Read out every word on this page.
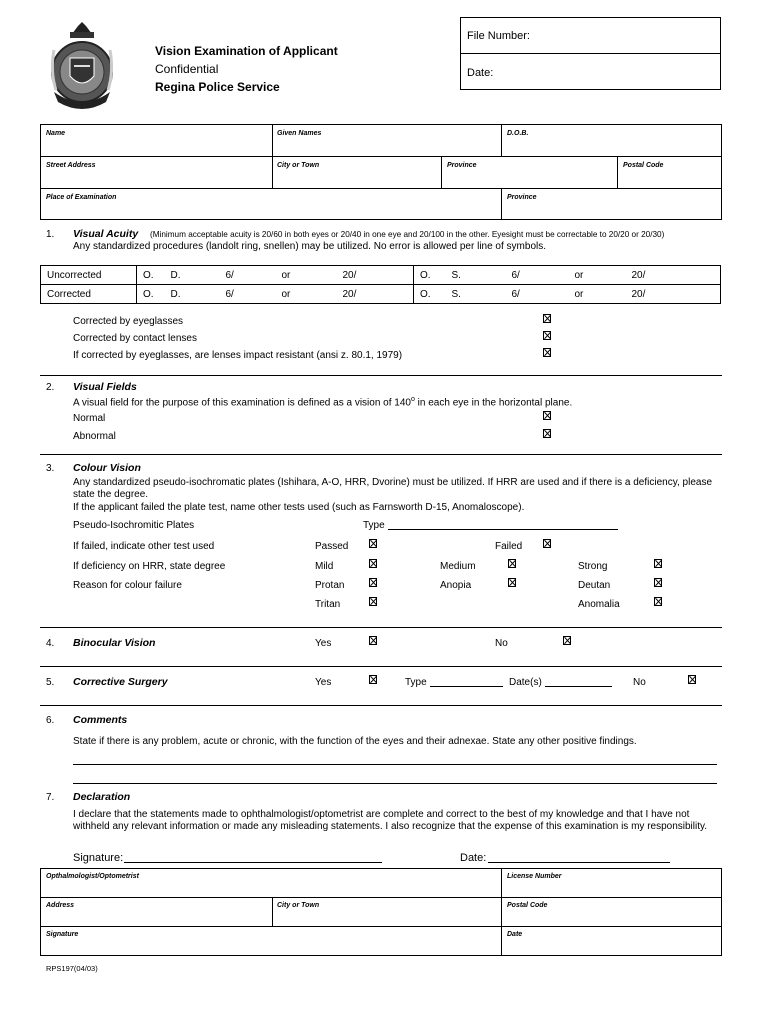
Vision Examination of Applicant
Confidential
Regina Police Service
File Number:
Date:
Name	Given Names	D.O.B.
Street Address	City or Town	Province	Postal Code
Place of Examination	Province
1. Visual Acuity (Minimum acceptable acuity is 20/60 in both eyes or 20/40 in one eye and 20/100 in the other. Eyesight must be correctable to 20/20 or 20/30)
Any standardized procedures (landolt ring, snellen) may be utilized. No error is allowed per line of symbols.
Uncorrected	O.	D.	6/	or	20/	O.	S.	6/	or	20/
Corrected	O.	D.	6/	or	20/	O.	S.	6/	or	20/
Corrected by eyeglasses
Corrected by contact lenses
If corrected by eyeglasses, are lenses impact resistant (ansi z. 80.1, 1979)
2. Visual Fields
A visual field for the purpose of this examination is defined as a vision of 140$^o$ in each eye in the horizontal plane.
Normal
Abnormal
3. Colour Vision
Any standardized pseudo-isochromatic plates (Ishihara, A-O, HRR, Dvorine) must be utilized. If HRR are used and if there is a deficiency, please
state the degree.
If the applicant failed the plate test, name other tests used (such as Farnsworth D-15, Anomaloscope).
Pseudo-Isochromitic Plates	Type
If failed, indicate other test used	Passed	Failed
If deficiency on HRR, state degree	Mild	Medium	Strong
Reason for colour failure	Protan	Anopia	Deutan
Tritan	Anomalia
4. Binocular Vision	Yes	No
5. Corrective Surgery	Yes	Type	Date(s)	No
6. Comments
State if there is any problem, acute or chronic, with the function of the eyes and their adnexae. State any other positive findings.
7. Declaration
I declare that the statements made to ophthalmologist/optometrist are complete and correct to the best of my knowledge and that I have not
withheld any relevant information or made any misleading statements. I also recognize that the expense of this examination is my responsibility.
Signature:	Date:
Opthalmologist/Optometrist	License Number
Address	City or Town	Postal Code
Signature	Date
RPS197(04/03)
